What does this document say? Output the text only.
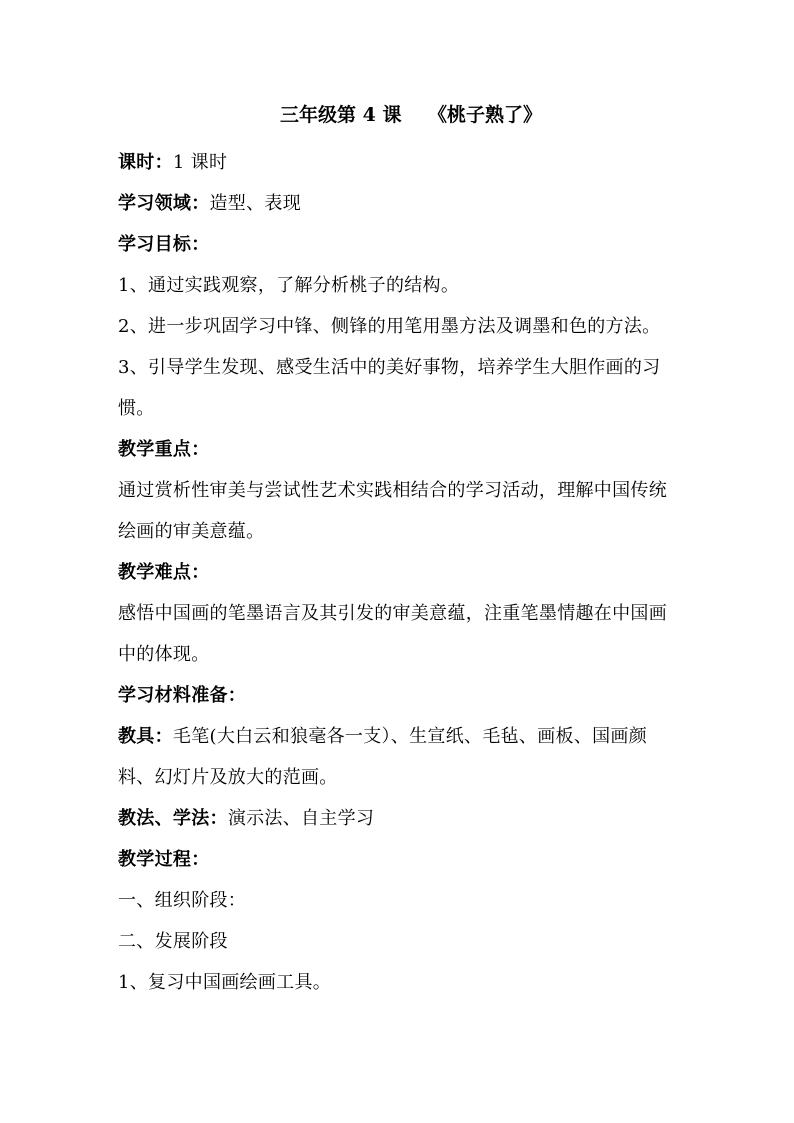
三年级第 4 课    《桃子熟了》
课时：1 课时
学习领域：造型、表现
学习目标：
1、通过实践观察，了解分析桃子的结构。
2、进一步巩固学习中锋、侧锋的用笔用墨方法及调墨和色的方法。
3、引导学生发现、感受生活中的美好事物，培养学生大胆作画的习
惯。
教学重点：
通过赏析性审美与尝试性艺术实践相结合的学习活动，理解中国传统
绘画的审美意蕴。
教学难点：
感悟中国画的笔墨语言及其引发的审美意蕴，注重笔墨情趣在中国画
中的体现。
学习材料准备：
教具：毛笔(大白云和狼毫各一支）、生宣纸、毛毡、画板、国画颜
料、幻灯片及放大的范画。
教法、学法：演示法、自主学习
教学过程：
一、组织阶段：
二、发展阶段
1、复习中国画绘画工具。
